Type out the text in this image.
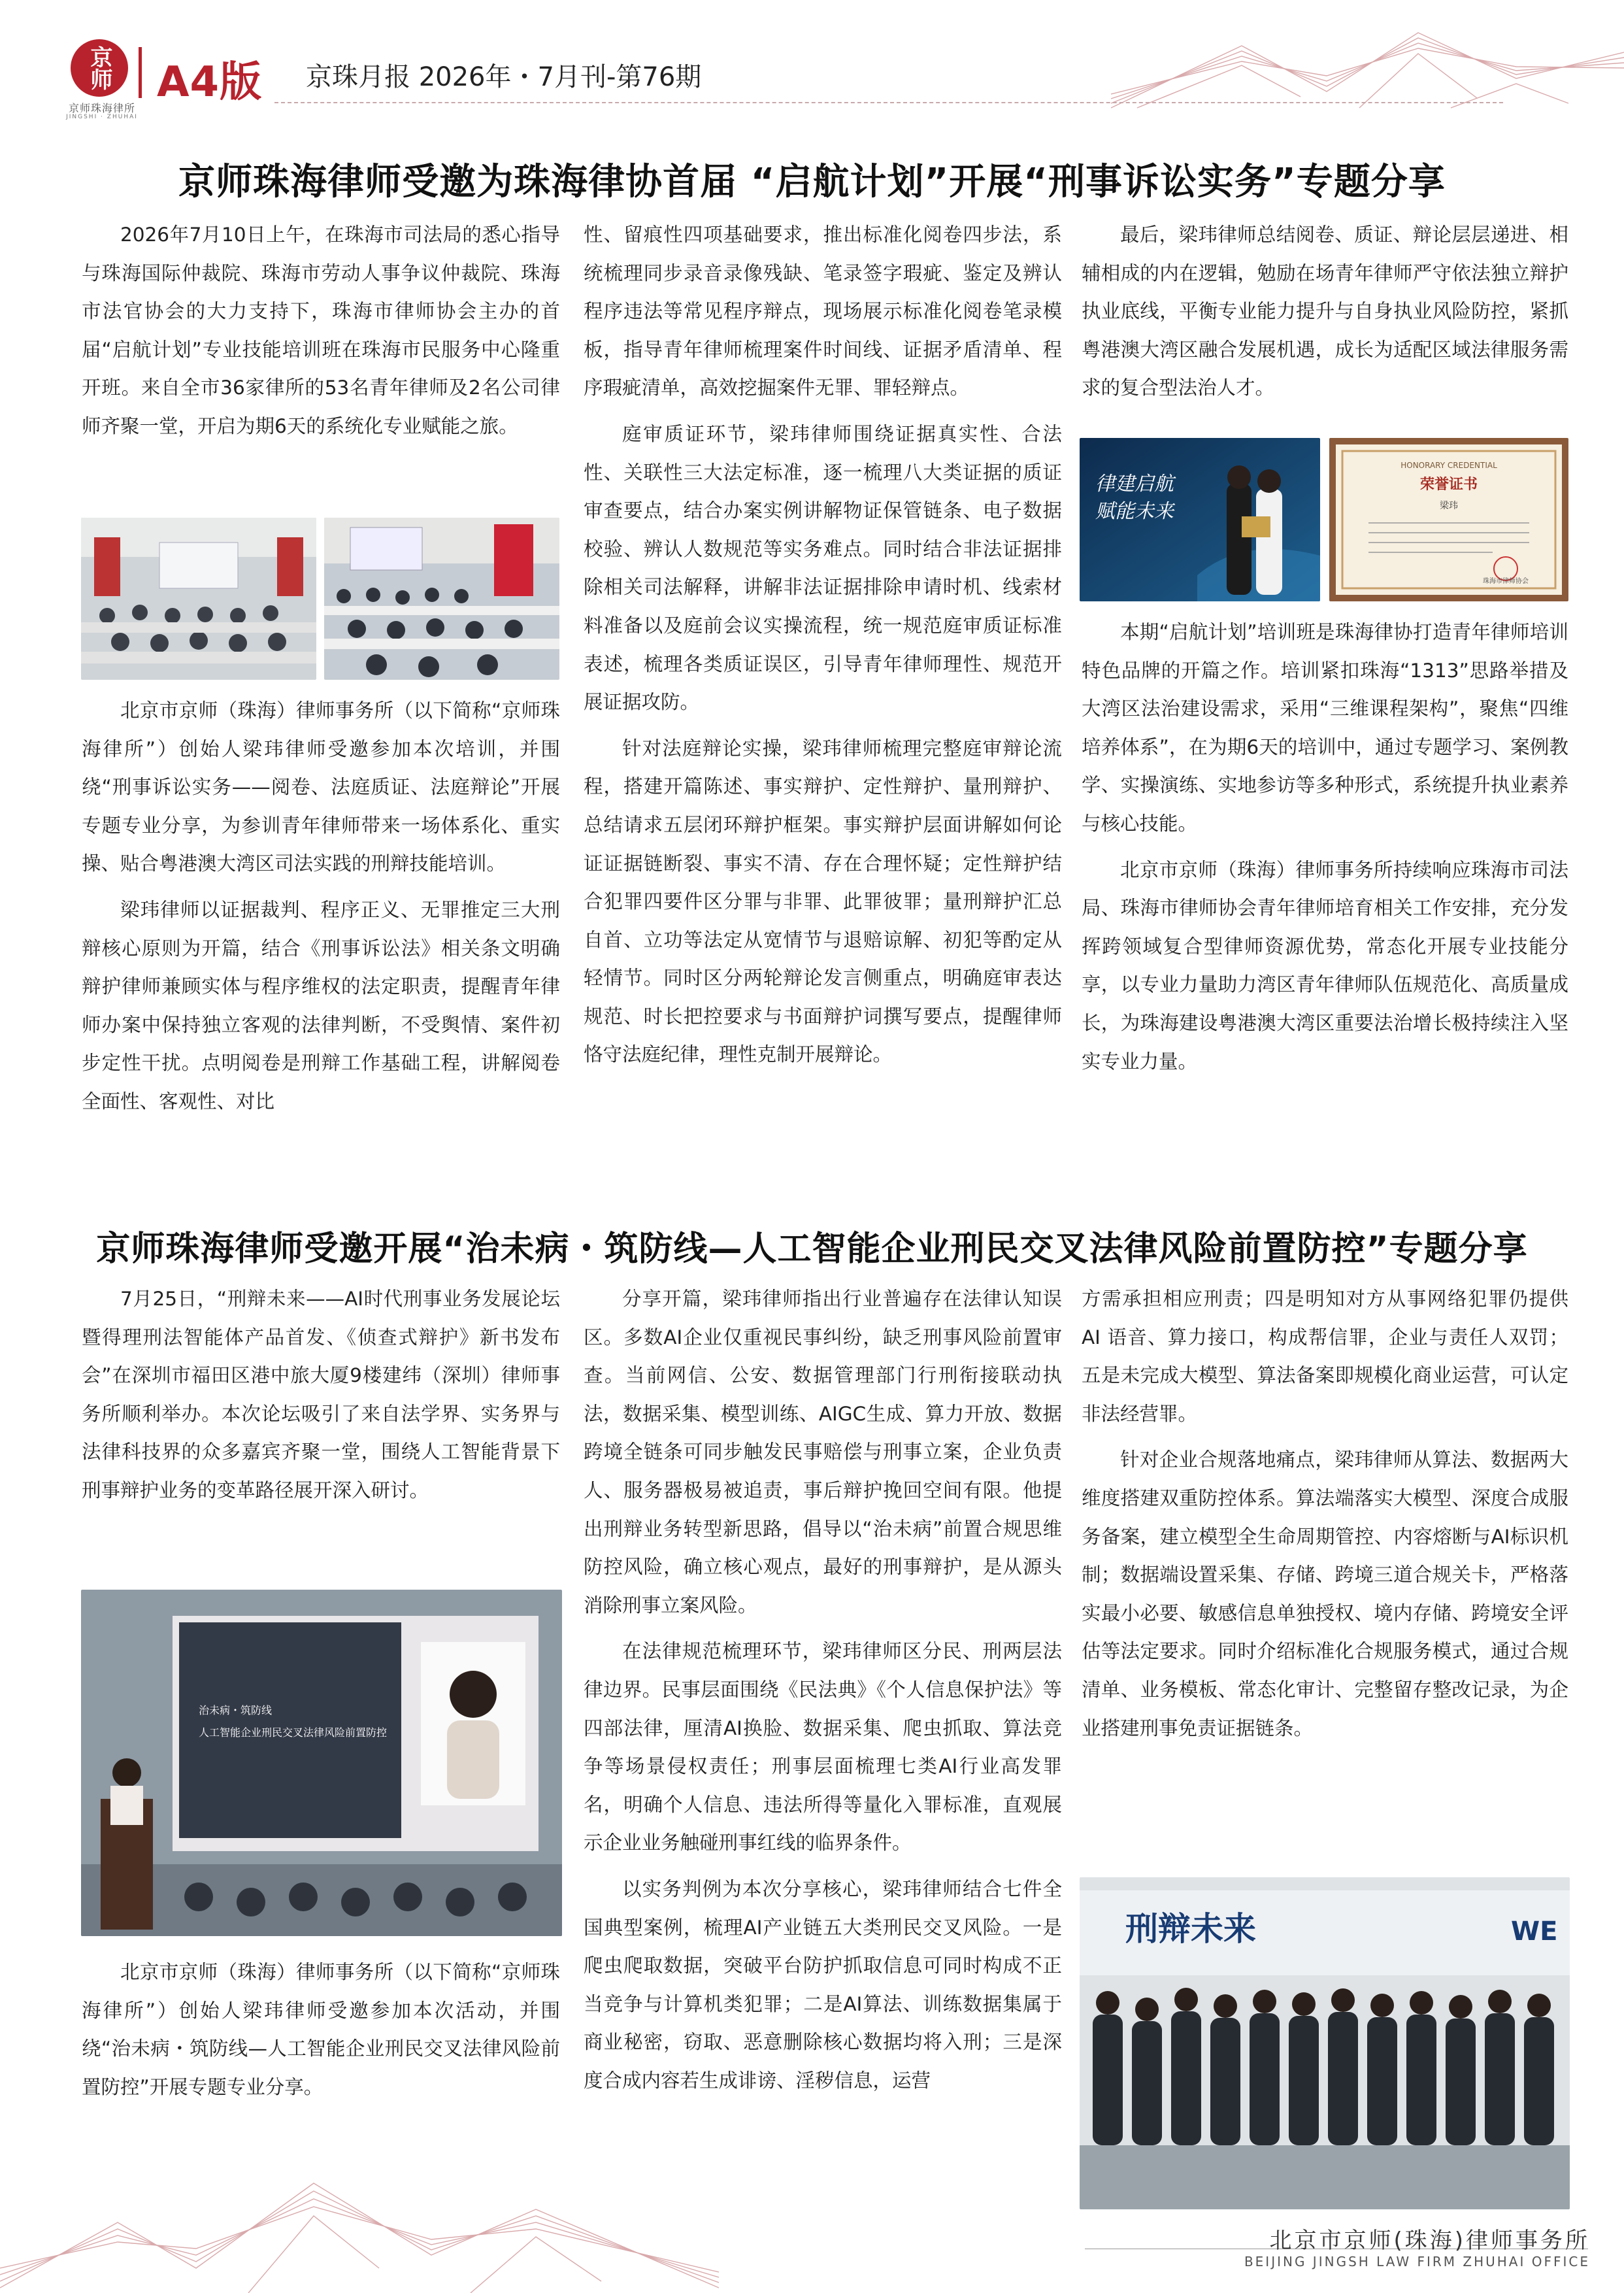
京师
京师珠海律所
JINGSHI · ZHUHAI
A4版 京珠月报 2026年・7月刊-第76期
京师珠海律师受邀为珠海律协首届 “启航计划”开展“刑事诉讼实务”专题分享

2026年7月10日上午，在珠海市司法局的悉心指导与珠海国际仲裁院、珠海市劳动人事争议仲裁院、珠海市法官协会的大力支持下，珠海市律师协会主办的首届“启航计划”专业技能培训班在珠海市民服务中心隆重开班。来自全市36家律所的53名青年律师及2名公司律师齐聚一堂，开启为期6天的系统化专业赋能之旅。

北京市京师（珠海）律师事务所（以下简称“京师珠海律所”）创始人梁玮律师受邀参加本次培训，并围绕“刑事诉讼实务——阅卷、法庭质证、法庭辩论”开展专题专业分享，为参训青年律师带来一场体系化、重实操、贴合粤港澳大湾区司法实践的刑辩技能培训。

梁玮律师以证据裁判、程序正义、无罪推定三大刑辩核心原则为开篇，结合《刑事诉讼法》相关条文明确辩护律师兼顾实体与程序维权的法定职责，提醒青年律师办案中保持独立客观的法律判断，不受舆情、案件初步定性干扰。点明阅卷是刑辩工作基础工程，讲解阅卷全面性、客观性、对比

性、留痕性四项基础要求，推出标准化阅卷四步法，系统梳理同步录音录像残缺、笔录签字瑕疵、鉴定及辨认程序违法等常见程序辩点，现场展示标准化阅卷笔录模板，指导青年律师梳理案件时间线、证据矛盾清单、程序瑕疵清单，高效挖掘案件无罪、罪轻辩点。

庭审质证环节，梁玮律师围绕证据真实性、合法性、关联性三大法定标准，逐一梳理八大类证据的质证审查要点，结合办案实例讲解物证保管链条、电子数据校验、辨认人数规范等实务难点。同时结合非法证据排除相关司法解释，讲解非法证据排除申请时机、线索材料准备以及庭前会议实操流程，统一规范庭审质证标准表述，梳理各类质证误区，引导青年律师理性、规范开展证据攻防。

针对法庭辩论实操，梁玮律师梳理完整庭审辩论流程，搭建开篇陈述、事实辩护、定性辩护、量刑辩护、总结请求五层闭环辩护框架。事实辩护层面讲解如何论证证据链断裂、事实不清、存在合理怀疑；定性辩护结合犯罪四要件区分罪与非罪、此罪彼罪；量刑辩护汇总自首、立功等法定从宽情节与退赔谅解、初犯等酌定从轻情节。同时区分两轮辩论发言侧重点，明确庭审表达规范、时长把控要求与书面辩护词撰写要点，提醒律师恪守法庭纪律，理性克制开展辩论。

最后，梁玮律师总结阅卷、质证、辩论层层递进、相辅相成的内在逻辑，勉励在场青年律师严守依法独立辩护执业底线，平衡专业能力提升与自身执业风险防控，紧抓粤港澳大湾区融合发展机遇，成长为适配区域法律服务需求的复合型法治人才。

律建启航
赋能未来
HONORARY CREDENTIAL
荣誉证书
梁玮
珠海市律师协会

本期“启航计划”培训班是珠海律协打造青年律师培训特色品牌的开篇之作。培训紧扣珠海“1313”思路举措及大湾区法治建设需求，采用“三维课程架构”，聚焦“四维培养体系”，在为期6天的培训中，通过专题学习、案例教学、实操演练、实地参访等多种形式，系统提升执业素养与核心技能。

北京市京师（珠海）律师事务所持续响应珠海市司法局、珠海市律师协会青年律师培育相关工作安排，充分发挥跨领域复合型律师资源优势，常态化开展专业技能分享，以专业力量助力湾区青年律师队伍规范化、高质量成长，为珠海建设粤港澳大湾区重要法治增长极持续注入坚实专业力量。

京师珠海律师受邀开展“治未病・筑防线—人工智能企业刑民交叉法律风险前置防控”专题分享

7月25日，“刑辩未来——AI时代刑事业务发展论坛暨得理刑法智能体产品首发、《侦查式辩护》新书发布会”在深圳市福田区港中旅大厦9楼建纬（深圳）律师事务所顺利举办。本次论坛吸引了来自法学界、实务界与法律科技界的众多嘉宾齐聚一堂，围绕人工智能背景下刑事辩护业务的变革路径展开深入研讨。

治未病・筑防线
人工智能企业刑民交叉法律风险前置防控

北京市京师（珠海）律师事务所（以下简称“京师珠海律所”）创始人梁玮律师受邀参加本次活动，并围绕“治未病・筑防线—人工智能企业刑民交叉法律风险前置防控”开展专题专业分享。

分享开篇，梁玮律师指出行业普遍存在法律认知误区。多数AI企业仅重视民事纠纷，缺乏刑事风险前置审查。当前网信、公安、数据管理部门行刑衔接联动执法，数据采集、模型训练、AIGC生成、算力开放、数据跨境全链条可同步触发民事赔偿与刑事立案，企业负责人、服务器极易被追责，事后辩护挽回空间有限。他提出刑辩业务转型新思路，倡导以“治未病”前置合规思维防控风险，确立核心观点，最好的刑事辩护，是从源头消除刑事立案风险。

在法律规范梳理环节，梁玮律师区分民、刑两层法律边界。民事层面围绕《民法典》《个人信息保护法》等四部法律，厘清AI换脸、数据采集、爬虫抓取、算法竞争等场景侵权责任；刑事层面梳理七类AI行业高发罪名，明确个人信息、违法所得等量化入罪标准，直观展示企业业务触碰刑事红线的临界条件。

以实务判例为本次分享核心，梁玮律师结合七件全国典型案例，梳理AI产业链五大类刑民交叉风险。一是爬虫爬取数据，突破平台防护抓取信息可同时构成不正当竞争与计算机类犯罪；二是AI算法、训练数据集属于商业秘密，窃取、恶意删除核心数据均将入刑；三是深度合成内容若生成诽谤、淫秽信息，运营

方需承担相应刑责；四是明知对方从事网络犯罪仍提供 AI 语音、算力接口，构成帮信罪，企业与责任人双罚；五是未完成大模型、算法备案即规模化商业运营，可认定非法经营罪。

针对企业合规落地痛点，梁玮律师从算法、数据两大维度搭建双重防控体系。算法端落实大模型、深度合成服务备案，建立模型全生命周期管控、内容熔断与AI标识机制；数据端设置采集、存储、跨境三道合规关卡，严格落实最小必要、敏感信息单独授权、境内存储、跨境安全评估等法定要求。同时介绍标准化合规服务模式，通过合规清单、业务模板、常态化审计、完整留存整改记录，为企业搭建刑事免责证据链条。

刑辩未来	WE
北京市京师(珠海)律师事务所
BEIJING JINGSH LAW FIRM ZHUHAI OFFICE
